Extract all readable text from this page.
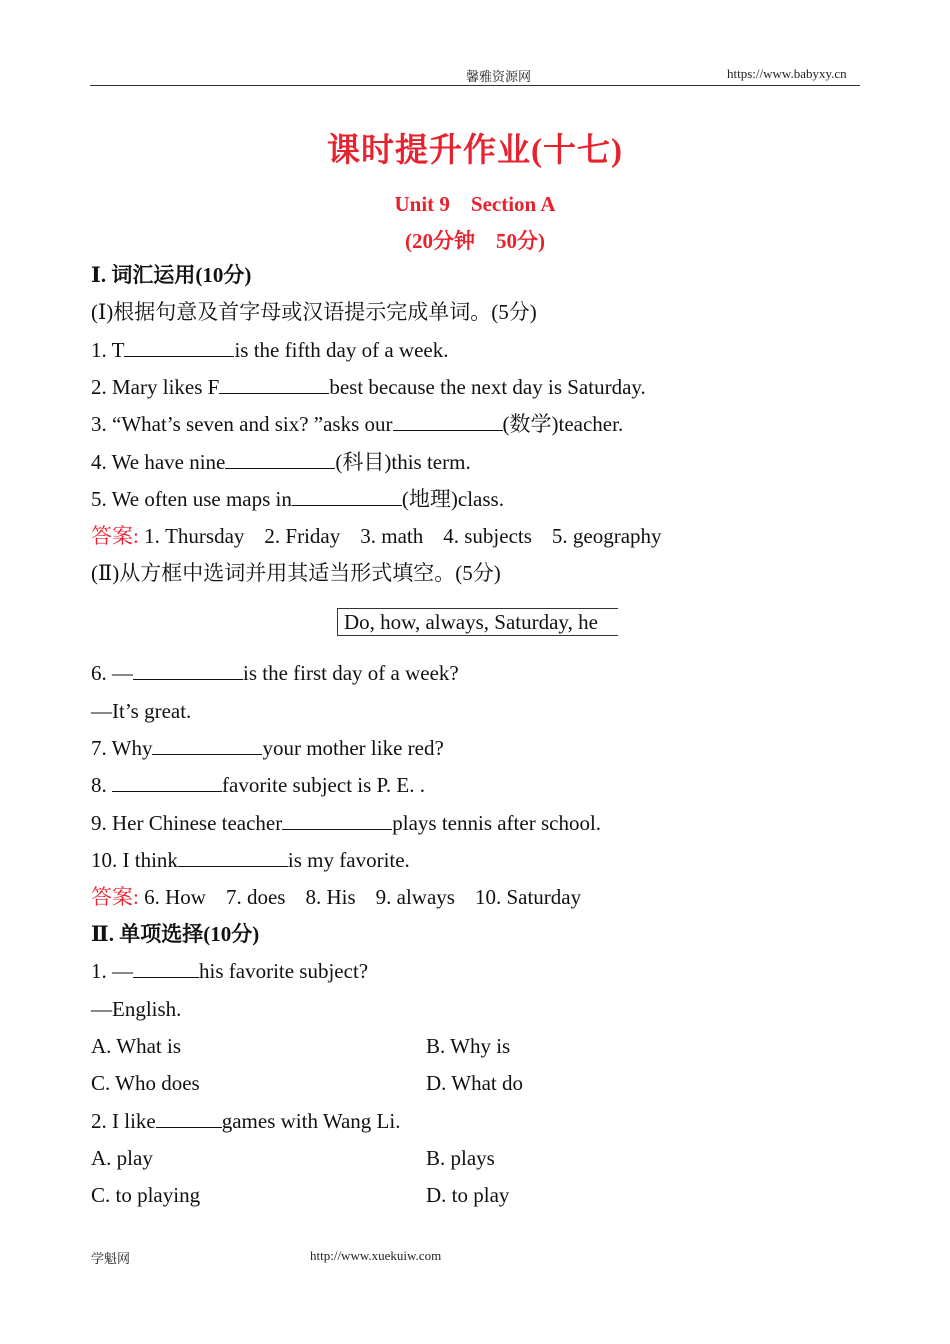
馨雅资源网	https://www.babyxy.cn
课时提升作业(十七)
Unit 9　Section A
(20分钟　50分)
Ⅰ. 词汇运用(10分)
(Ⅰ)根据句意及首字母或汉语提示完成单词。(5分)
1. T	is the fifth day of a week.
2. Mary likes F	best because the next day is Saturday.
3. “What’s seven and six? ”asks our	(数学)teacher.
4. We have nine	(科目)this term.
5. We often use maps in	(地理)class.
答案: 1. Thursday 2. Friday 3. math 4. subjects 5. geography
(Ⅱ)从方框中选词并用其适当形式填空。(5分)
Do, how, always, Saturday, he
6. —	is the first day of a week?
—It’s great.
7. Why	your mother like red?
8.	favorite subject is P. E. .
9. Her Chinese teacher	plays tennis after school.
10. I think	is my favorite.
答案: 6. How 7. does 8. His 9. always 10. Saturday
Ⅱ. 单项选择(10分)
1. —	his favorite subject?
—English.
A. What is	B. Why is
C. Who does	D. What do
2. I like	games with Wang Li.
A. play	B. plays
C. to playing	D. to play
学魁网	http://www.xuekuiw.com
